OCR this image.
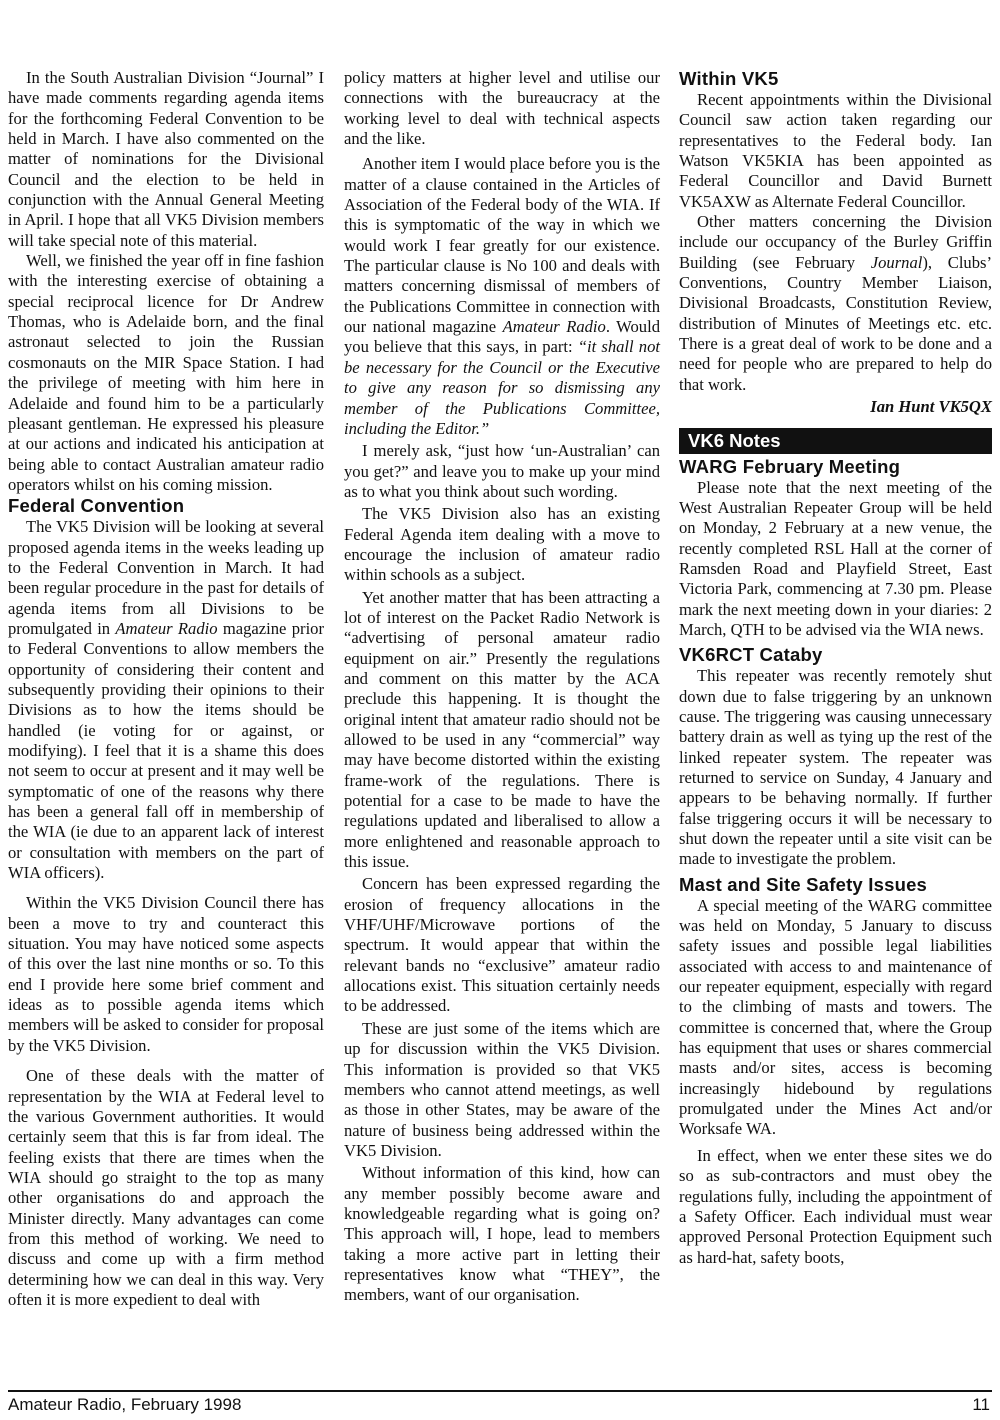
In the South Australian Division “Journal” I have made comments regarding agenda items for the forthcoming Federal Convention to be held in March. I have also commented on the matter of nominations for the Divisional Council and the election to be held in conjunction with the Annual General Meeting in April. I hope that all VK5 Division members will take special note of this material.

Well, we finished the year off in fine fashion with the interesting exercise of obtaining a special reciprocal licence for Dr Andrew Thomas, who is Adelaide born, and the final astronaut selected to join the Russian cosmonauts on the MIR Space Station. I had the privilege of meeting with him here in Adelaide and found him to be a particularly pleasant gentleman. He expressed his pleasure at our actions and indicated his anticipation at being able to contact Australian amateur radio operators whilst on his coming mission.

Federal Convention

The VK5 Division will be looking at several proposed agenda items in the weeks leading up to the Federal Convention in March. It had been regular procedure in the past for details of agenda items from all Divisions to be promulgated in Amateur Radio magazine prior to Federal Conventions to allow members the opportunity of considering their content and subsequently providing their opinions to their Divisions as to how the items should be handled (ie voting for or against, or modifying). I feel that it is a shame this does not seem to occur at present and it may well be symptomatic of one of the reasons why there has been a general fall off in membership of the WIA (ie due to an apparent lack of interest or consultation with members on the part of WIA officers).

Within the VK5 Division Council there has been a move to try and counteract this situation. You may have noticed some aspects of this over the last nine months or so. To this end I provide here some brief comment and ideas as to possible agenda items which members will be asked to consider for proposal by the VK5 Division.

One of these deals with the matter of representation by the WIA at Federal level to the various Government authorities. It would certainly seem that this is far from ideal. The feeling exists that there are times when the WIA should go straight to the top as many other organisations do and approach the Minister directly. Many advantages can come from this method of working. We need to discuss and come up with a firm method determining how we can deal in this way. Very often it is more expedient to deal with

policy matters at higher level and utilise our connections with the bureaucracy at the working level to deal with technical aspects and the like.

Another item I would place before you is the matter of a clause contained in the Articles of Association of the Federal body of the WIA. If this is symptomatic of the way in which we would work I fear greatly for our existence. The particular clause is No 100 and deals with matters concerning dismissal of members of the Publications Committee in connection with our national magazine Amateur Radio. Would you believe that this says, in part: “it shall not be necessary for the Council or the Executive to give any reason for so dismissing any member of the Publications Committee, including the Editor.”

I merely ask, “just how ‘un-Australian’ can you get?” and leave you to make up your mind as to what you think about such wording.

The VK5 Division also has an existing Federal Agenda item dealing with a move to encourage the inclusion of amateur radio within schools as a subject.

Yet another matter that has been attracting a lot of interest on the Packet Radio Network is “advertising of personal amateur radio equipment on air.” Presently the regulations and comment on this matter by the ACA preclude this happening. It is thought the original intent that amateur radio should not be allowed to be used in any “commercial” way may have become distorted within the existing frame-work of the regulations. There is potential for a case to be made to have the regulations updated and liberalised to allow a more enlightened and reasonable approach to this issue.

Concern has been expressed regarding the erosion of frequency allocations in the VHF/UHF/Microwave portions of the spectrum. It would appear that within the relevant bands no “exclusive” amateur radio allocations exist. This situation certainly needs to be addressed.

These are just some of the items which are up for discussion within the VK5 Division. This information is provided so that VK5 members who cannot attend meetings, as well as those in other States, may be aware of the nature of business being addressed within the VK5 Division.

Without information of this kind, how can any member possibly become aware and knowledgeable regarding what is going on? This approach will, I hope, lead to members taking a more active part in letting their representatives know what “THEY”, the members, want of our organisation.

Within VK5

Recent appointments within the Divisional Council saw action taken regarding our representatives to the Federal body. Ian Watson VK5KIA has been appointed as Federal Councillor and David Burnett VK5AXW as Alternate Federal Councillor.

Other matters concerning the Division include our occupancy of the Burley Griffin Building (see February Journal), Clubs’ Conventions, Country Member Liaison, Divisional Broadcasts, Constitution Review, distribution of Minutes of Meetings etc. etc. There is a great deal of work to be done and a need for people who are prepared to help do that work.

Ian Hunt VK5QX

VK6 Notes
WARG February Meeting

Please note that the next meeting of the West Australian Repeater Group will be held on Monday, 2 February at a new venue, the recently completed RSL Hall at the corner of Ramsden Road and Playfield Street, East Victoria Park, commencing at 7.30 pm. Please mark the next meeting down in your diaries: 2 March, QTH to be advised via the WIA news.

VK6RCT Cataby

This repeater was recently remotely shut down due to false triggering by an unknown cause. The triggering was causing unnecessary battery drain as well as tying up the rest of the linked repeater system. The repeater was returned to service on Sunday, 4 January and appears to be behaving normally. If further false triggering occurs it will be necessary to shut down the repeater until a site visit can be made to investigate the problem.

Mast and Site Safety Issues

A special meeting of the WARG committee was held on Monday, 5 January to discuss safety issues and possible legal liabilities associated with access to and maintenance of our repeater equipment, especially with regard to the climbing of masts and towers. The committee is concerned that, where the Group has equipment that uses or shares commercial masts and/or sites, access is becoming increasingly hidebound by regulations promulgated under the Mines Act and/or Worksafe WA.

In effect, when we enter these sites we do so as sub-contractors and must obey the regulations fully, including the appointment of a Safety Officer. Each individual must wear approved Personal Protection Equipment such as hard-hat, safety boots,

Amateur Radio, February 1998	11
